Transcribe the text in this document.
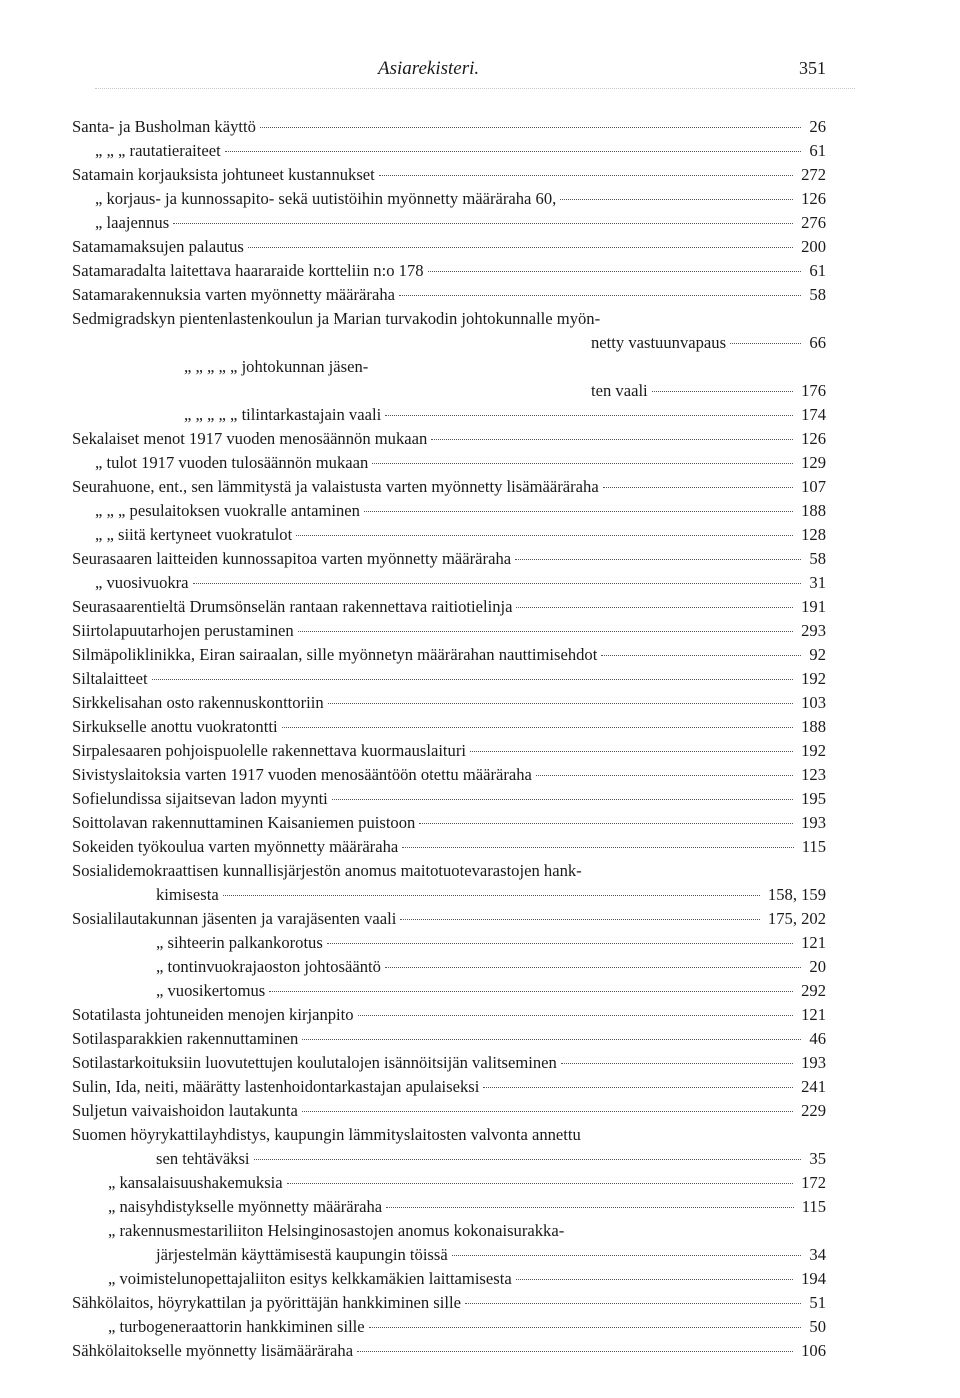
Asiarekisteri.	351
Santa- ja Busholman käyttö	26
„ „ „ rautatieraiteet	61
Satamain korjauksista johtuneet kustannukset	272
„ korjaus- ja kunnossapito- sekä uutistöihin myönnetty määräraha 60,	126
„ laajennus	276
Satamamaksujen palautus	200
Satamaradalta laitettava haararaide kortteliin n:o 178	61
Satamarakennuksia varten myönnetty määräraha	58
Sedmigradskyn pientenlastenkoulun ja Marian turvakodin johtokunnalle myön-
netty vastuunvapaus	66
„ „ „ „ „ johtokunnan jäsen-
ten vaali	176
„ „ „ „ „ tilintarkastajain vaali	174
Sekalaiset menot 1917 vuoden menosäännön mukaan	126
„ tulot 1917 vuoden tulosäännön mukaan	129
Seurahuone, ent., sen lämmitystä ja valaistusta varten myönnetty lisämääräraha	107
„ „ „ pesulaitoksen vuokralle antaminen	188
„ „ siitä kertyneet vuokratulot	128
Seurasaaren laitteiden kunnossapitoa varten myönnetty määräraha	58
„ vuosivuokra	31
Seurasaarentieltä Drumsönselän rantaan rakennettava raitiotielinja	191
Siirtolapuutarhojen perustaminen	293
Silmäpoliklinikka, Eiran sairaalan, sille myönnetyn määrärahan nauttimisehdot	92
Siltalaitteet	192
Sirkkelisahan osto rakennuskonttoriin	103
Sirkukselle anottu vuokratontti	188
Sirpalesaaren pohjoispuolelle rakennettava kuormauslaituri	192
Sivistyslaitoksia varten 1917 vuoden menosääntöön otettu määräraha	123
Sofielundissa sijaitsevan ladon myynti	195
Soittolavan rakennuttaminen Kaisaniemen puistoon	193
Sokeiden työkoulua varten myönnetty määräraha	115
Sosialidemokraattisen kunnallisjärjestön anomus maitotuotevarastojen hank-
kimisesta	158, 159
Sosialilautakunnan jäsenten ja varajäsenten vaali	175, 202
„ sihteerin palkankorotus	121
„ tontinvuokrajaoston johtosääntö	20
„ vuosikertomus	292
Sotatilasta johtuneiden menojen kirjanpito	121
Sotilasparakkien rakennuttaminen	46
Sotilastarkoituksiin luovutettujen koulutalojen isännöitsijän valitseminen	193
Sulin, Ida, neiti, määrätty lastenhoidontarkastajan apulaiseksi	241
Suljetun vaivaishoidon lautakunta	229
Suomen höyrykattilayhdistys, kaupungin lämmityslaitosten valvonta annettu
sen tehtäväksi	35
„ kansalaisuushakemuksia	172
„ naisyhdistykselle myönnetty määräraha	115
„ rakennusmestariliiton Helsinginosastojen anomus kokonaisurakka-
järjestelmän käyttämisestä kaupungin töissä	34
„ voimistelunopettajaliiton esitys kelkkamäkien laittamisesta	194
Sähkölaitos, höyrykattilan ja pyörittäjän hankkiminen sille	51
„ turbogeneraattorin hankkiminen sille	50
Sähkölaitokselle myönnetty lisämääräraha	106
